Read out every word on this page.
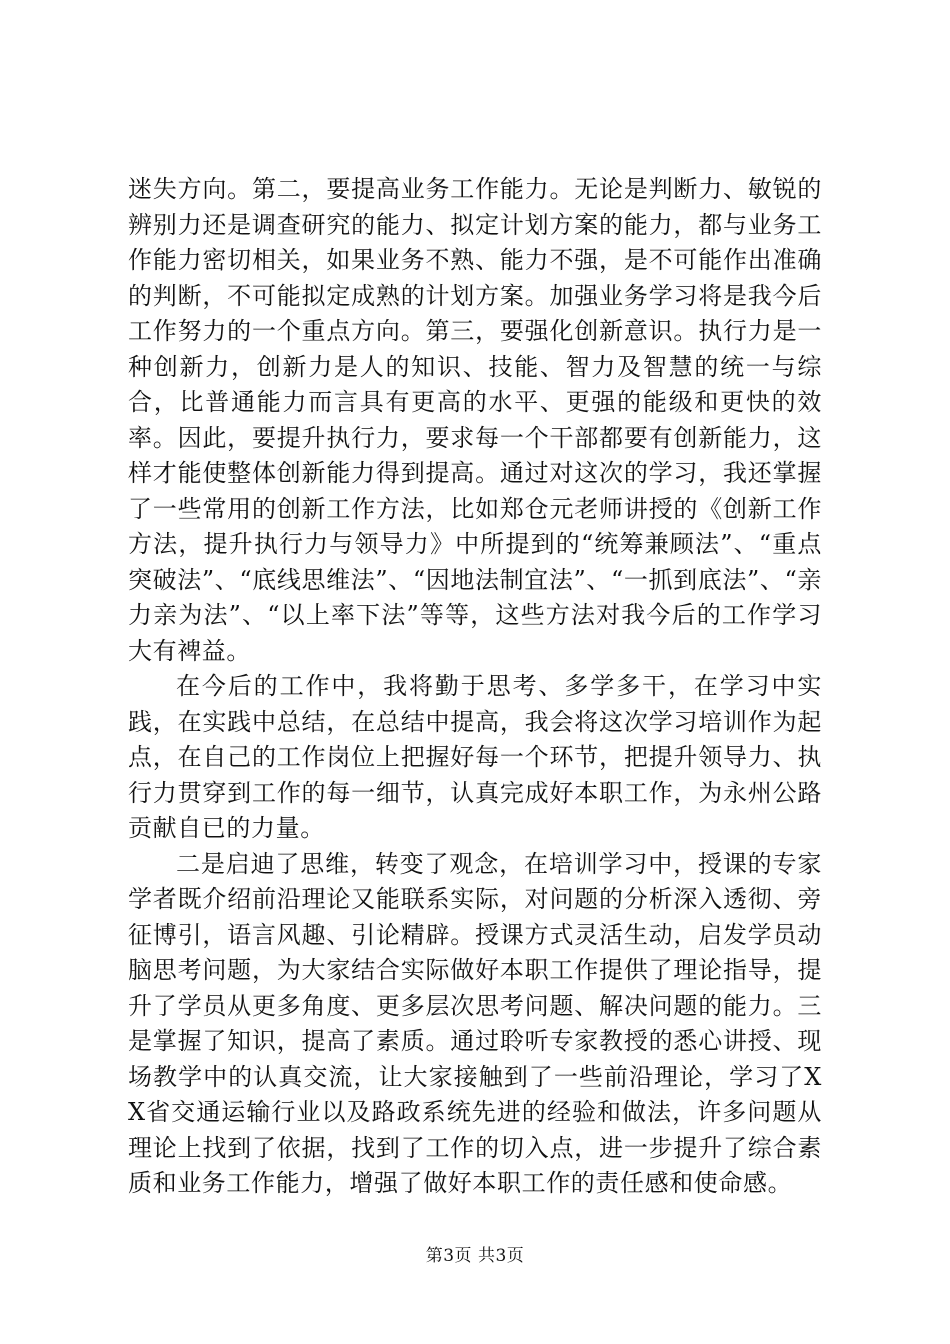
迷失方向。第二，要提高业务工作能力。无论是判断力、敏锐的辨别力还是调查研究的能力、拟定计划方案的能力，都与业务工作能力密切相关，如果业务不熟、能力不强，是不可能作出准确的判断，不可能拟定成熟的计划方案。加强业务学习将是我今后工作努力的一个重点方向。第三，要强化创新意识。执行力是一种创新力，创新力是人的知识、技能、智力及智慧的统一与综合，比普通能力而言具有更高的水平、更强的能级和更快的效率。因此，要提升执行力，要求每一个干部都要有创新能力，这样才能使整体创新能力得到提高。通过对这次的学习，我还掌握了一些常用的创新工作方法，比如郑仓元老师讲授的《创新工作方法，提升执行力与领导力》中所提到的“统筹兼顾法”、“重点突破法”、“底线思维法”、“因地法制宜法”、“一抓到底法”、“亲力亲为法”、“以上率下法”等等，这些方法对我今后的工作学习大有裨益。

在今后的工作中，我将勤于思考、多学多干，在学习中实践，在实践中总结，在总结中提高，我会将这次学习培训作为起点，在自己的工作岗位上把握好每一个环节，把提升领导力、执行力贯穿到工作的每一细节，认真完成好本职工作，为永州公路贡献自已的力量。

二是启迪了思维，转变了观念，在培训学习中，授课的专家学者既介绍前沿理论又能联系实际，对问题的分析深入透彻、旁征博引，语言风趣、引论精辟。授课方式灵活生动，启发学员动脑思考问题，为大家结合实际做好本职工作提供了理论指导，提升了学员从更多角度、更多层次思考问题、解决问题的能力。三是掌握了知识，提高了素质。通过聆听专家教授的悉心讲授、现场教学中的认真交流，让大家接触到了一些前沿理论，学习了XX省交通运输行业以及路政系统先进的经验和做法，许多问题从理论上找到了依据，找到了工作的切入点，进一步提升了综合素质和业务工作能力，增强了做好本职工作的责任感和使命感。

第3页 共3页
